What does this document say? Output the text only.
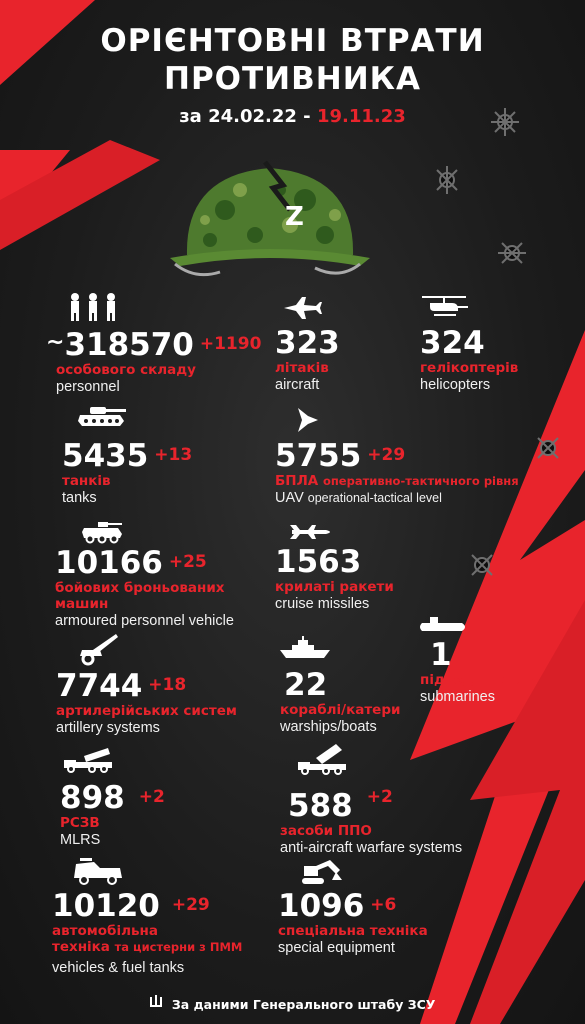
ОРІЄНТОВНІ ВТРАТИ
ПРОТИВНИКА
за 24.02.22 - 19.11.23
Z
~318570 +1190
особового складу
personnel
323
літаків
aircraft
324
гелікоптерів
helicopters
5435 +13
танків
tanks
5755 +29
БПЛА оперативно-тактичного рівня
UAV operational-tactical level
10166 +25
бойових броньованих
машин
armoured personnel vehicle
1563
крилаті ракети
cruise missiles
1
підводні човни
submarines
7744 +18
артилерійських систем
artillery systems
22
кораблі/катери
warships/boats
898 +2
РСЗВ
MLRS
588 $^{+2}$
засоби ППО
anti-aircraft warfare systems
10120 +29
автомобільна
техніка та цистерни з ПММ
vehicles & fuel tanks
1096 +6
спеціальна техніка
special equipment
За даними Генерального штабу ЗСУ
